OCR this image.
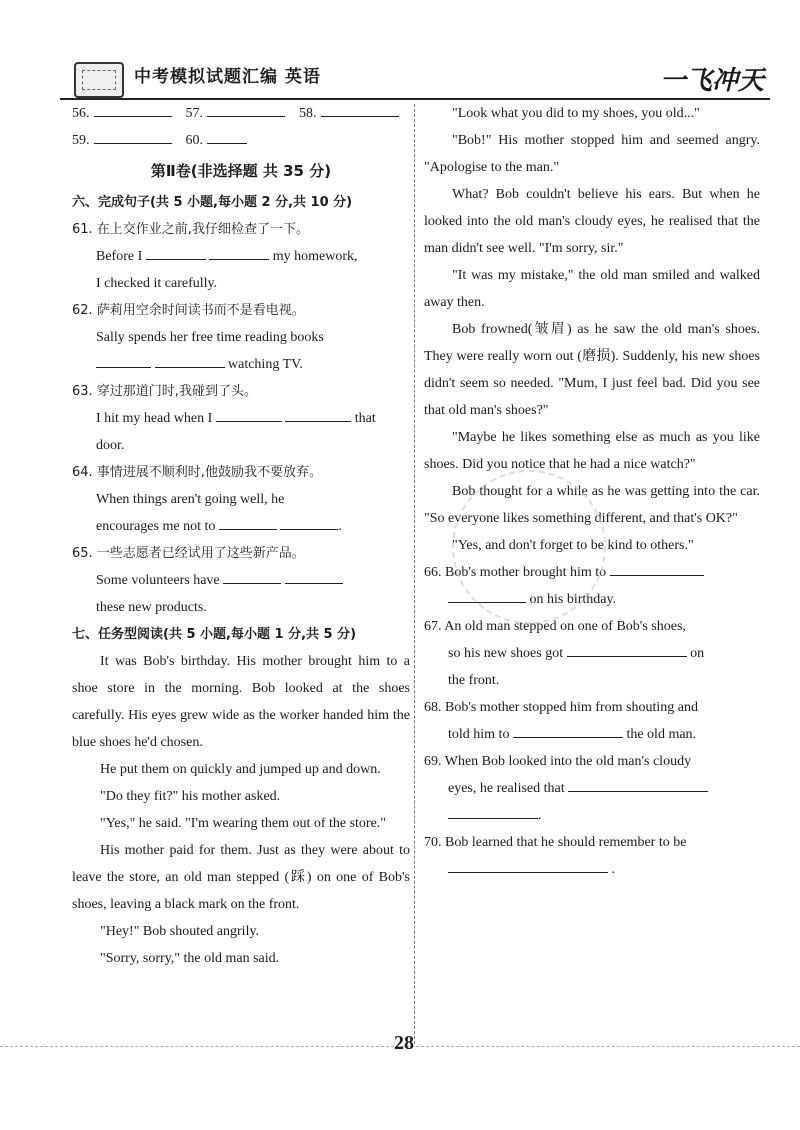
中考模拟试题汇编 英语	一飞冲天
56.	57.	58.
59.	60.
第Ⅱ卷(非选择题 共 35 分)
六、完成句子(共 5 小题,每小题 2 分,共 10 分)

61. 在上交作业之前,我仔细检查了一下。

Before I	my homework,

I checked it carefully.

62. 萨莉用空余时间读书而不是看电视。

Sally spends her free time reading books

watching TV.

63. 穿过那道门时,我碰到了头。

I hit my head when I	that

door.

64. 事情进展不顺利时,他鼓励我不要放弃。

When things aren't going well, he

encourages me not to	.

65. 一些志愿者已经试用了这些新产品。

Some volunteers have

these new products.

七、任务型阅读(共 5 小题,每小题 1 分,共 5 分)

It was Bob's birthday. His mother brought him to a shoe store in the morning. Bob looked at the shoes carefully. His eyes grew wide as the worker handed him the blue shoes he'd chosen.

He put them on quickly and jumped up and down.

"Do they fit?" his mother asked.

"Yes," he said. "I'm wearing them out of the store."

His mother paid for them. Just as they were about to leave the store, an old man stepped (踩) on one of Bob's shoes, leaving a black mark on the front.

"Hey!" Bob shouted angrily.

"Sorry, sorry," the old man said.

"Look what you did to my shoes, you old..."

"Bob!" His mother stopped him and seemed angry. "Apologise to the man."

What? Bob couldn't believe his ears. But when he looked into the old man's cloudy eyes, he realised that the man didn't see well. "I'm sorry, sir."

"It was my mistake," the old man smiled and walked away then.

Bob frowned(皱眉) as he saw the old man's shoes. They were really worn out (磨损). Suddenly, his new shoes didn't seem so needed. "Mum, I just feel bad. Did you see that old man's shoes?"

"Maybe he likes something else as much as you like shoes. Did you notice that he had a nice watch?"

Bob thought for a while as he was getting into the car. "So everyone likes something different, and that's OK?"

"Yes, and don't forget to be kind to others."

66. Bob's mother brought him to

on his birthday.

67. An old man stepped on one of Bob's shoes,

so his new shoes got	on

the front.

68. Bob's mother stopped him from shouting and

told him to	the old man.

69. When Bob looked into the old man's cloudy

eyes, he realised that

.

70. Bob learned that he should remember to be

.

28
